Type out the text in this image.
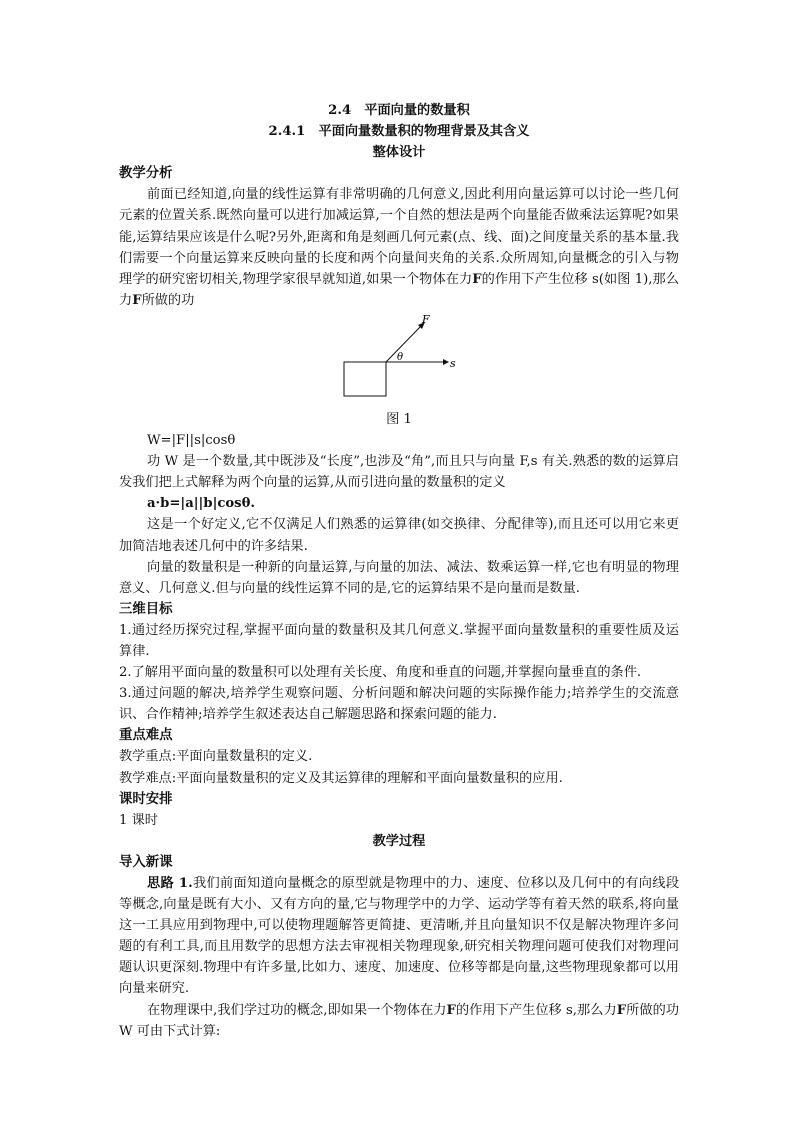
2.4　平面向量的数量积
2.4.1　平面向量数量积的物理背景及其含义
整体设计
教学分析

前面已经知道,向量的线性运算有非常明确的几何意义,因此利用向量运算可以讨论一些几何元素的位置关系.既然向量可以进行加减运算,一个自然的想法是两个向量能否做乘法运算呢?如果能,运算结果应该是什么呢?另外,距离和角是刻画几何元素(点、线、面)之间度量关系的基本量.我们需要一个向量运算来反映向量的长度和两个向量间夹角的关系.众所周知,向量概念的引入与物理学的研究密切相关,物理学家很早就知道,如果一个物体在力F的作用下产生位移 s(如图 1),那么力F所做的功

F
θ	s
图 1

W=|F||s|cosθ

功 W 是一个数量,其中既涉及“长度”,也涉及“角”,而且只与向量 F,s 有关.熟悉的数的运算启发我们把上式解释为两个向量的运算,从而引进向量的数量积的定义

a·b=|a||b|cosθ.

这是一个好定义,它不仅满足人们熟悉的运算律(如交换律、分配律等),而且还可以用它来更加简洁地表述几何中的许多结果.

向量的数量积是一种新的向量运算,与向量的加法、减法、数乘运算一样,它也有明显的物理意义、几何意义.但与向量的线性运算不同的是,它的运算结果不是向量而是数量.

三维目标

1.通过经历探究过程,掌握平面向量的数量积及其几何意义.掌握平面向量数量积的重要性质及运算律.

2.了解用平面向量的数量积可以处理有关长度、角度和垂直的问题,并掌握向量垂直的条件.

3.通过问题的解决,培养学生观察问题、分析问题和解决问题的实际操作能力;培养学生的交流意识、合作精神;培养学生叙述表达自己解题思路和探索问题的能力.

重点难点

教学重点:平面向量数量积的定义.

教学难点:平面向量数量积的定义及其运算律的理解和平面向量数量积的应用.

课时安排

1 课时

教学过程
导入新课

思路 1.我们前面知道向量概念的原型就是物理中的力、速度、位移以及几何中的有向线段等概念,向量是既有大小、又有方向的量,它与物理学中的力学、运动学等有着天然的联系,将向量这一工具应用到物理中,可以使物理题解答更简捷、更清晰,并且向量知识不仅是解决物理许多问题的有利工具,而且用数学的思想方法去审视相关物理现象,研究相关物理问题可使我们对物理问题认识更深刻.物理中有许多量,比如力、速度、加速度、位移等都是向量,这些物理现象都可以用向量来研究.

在物理课中,我们学过功的概念,即如果一个物体在力F的作用下产生位移 s,那么力F所做的功 W 可由下式计算:
